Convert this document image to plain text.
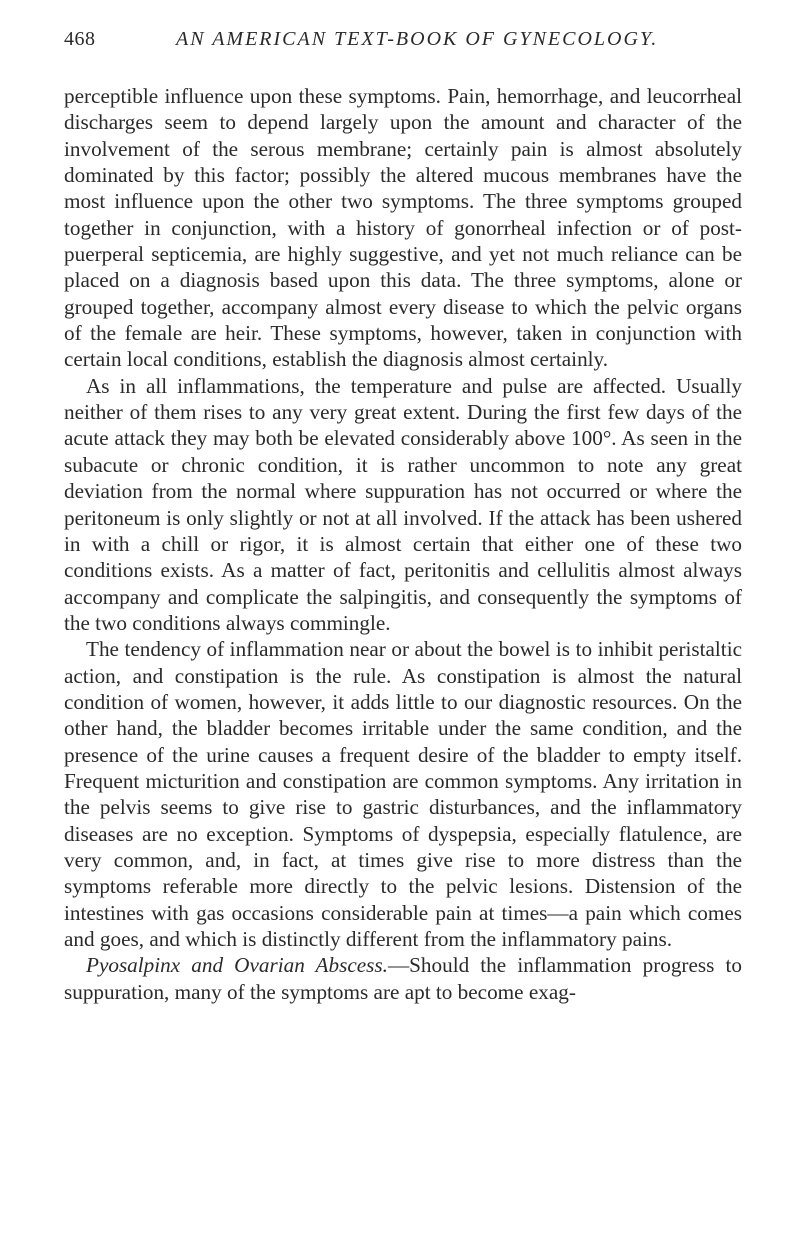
468	AN AMERICAN TEXT-BOOK OF GYNECOLOGY.

perceptible influence upon these symptoms. Pain, hemorrhage, and leucorrheal discharges seem to depend largely upon the amount and character of the involvement of the serous membrane; certainly pain is almost absolutely dominated by this factor; possibly the altered mucous membranes have the most influence upon the other two symptoms. The three symptoms grouped together in conjunction, with a history of gonorrheal infection or of post-puerperal septicemia, are highly suggestive, and yet not much reliance can be placed on a diagnosis based upon this data. The three symptoms, alone or grouped together, accompany almost every disease to which the pelvic organs of the female are heir. These symptoms, however, taken in conjunction with certain local conditions, establish the diagnosis almost certainly.

As in all inflammations, the temperature and pulse are affected. Usually neither of them rises to any very great extent. During the first few days of the acute attack they may both be elevated considerably above 100°. As seen in the subacute or chronic condition, it is rather uncommon to note any great deviation from the normal where suppuration has not occurred or where the peritoneum is only slightly or not at all involved. If the attack has been ushered in with a chill or rigor, it is almost certain that either one of these two conditions exists. As a matter of fact, peritonitis and cellulitis almost always accompany and complicate the salpingitis, and consequently the symptoms of the two conditions always commingle.

The tendency of inflammation near or about the bowel is to inhibit peristaltic action, and constipation is the rule. As constipation is almost the natural condition of women, however, it adds little to our diagnostic resources. On the other hand, the bladder becomes irritable under the same condition, and the presence of the urine causes a frequent desire of the bladder to empty itself. Frequent micturition and constipation are common symptoms. Any irritation in the pelvis seems to give rise to gastric disturbances, and the inflammatory diseases are no exception. Symptoms of dyspepsia, especially flatulence, are very common, and, in fact, at times give rise to more distress than the symptoms referable more directly to the pelvic lesions. Distension of the intestines with gas occasions considerable pain at times—a pain which comes and goes, and which is distinctly different from the inflammatory pains.

Pyosalpinx and Ovarian Abscess.—Should the inflammation progress to suppuration, many of the symptoms are apt to become exag-
